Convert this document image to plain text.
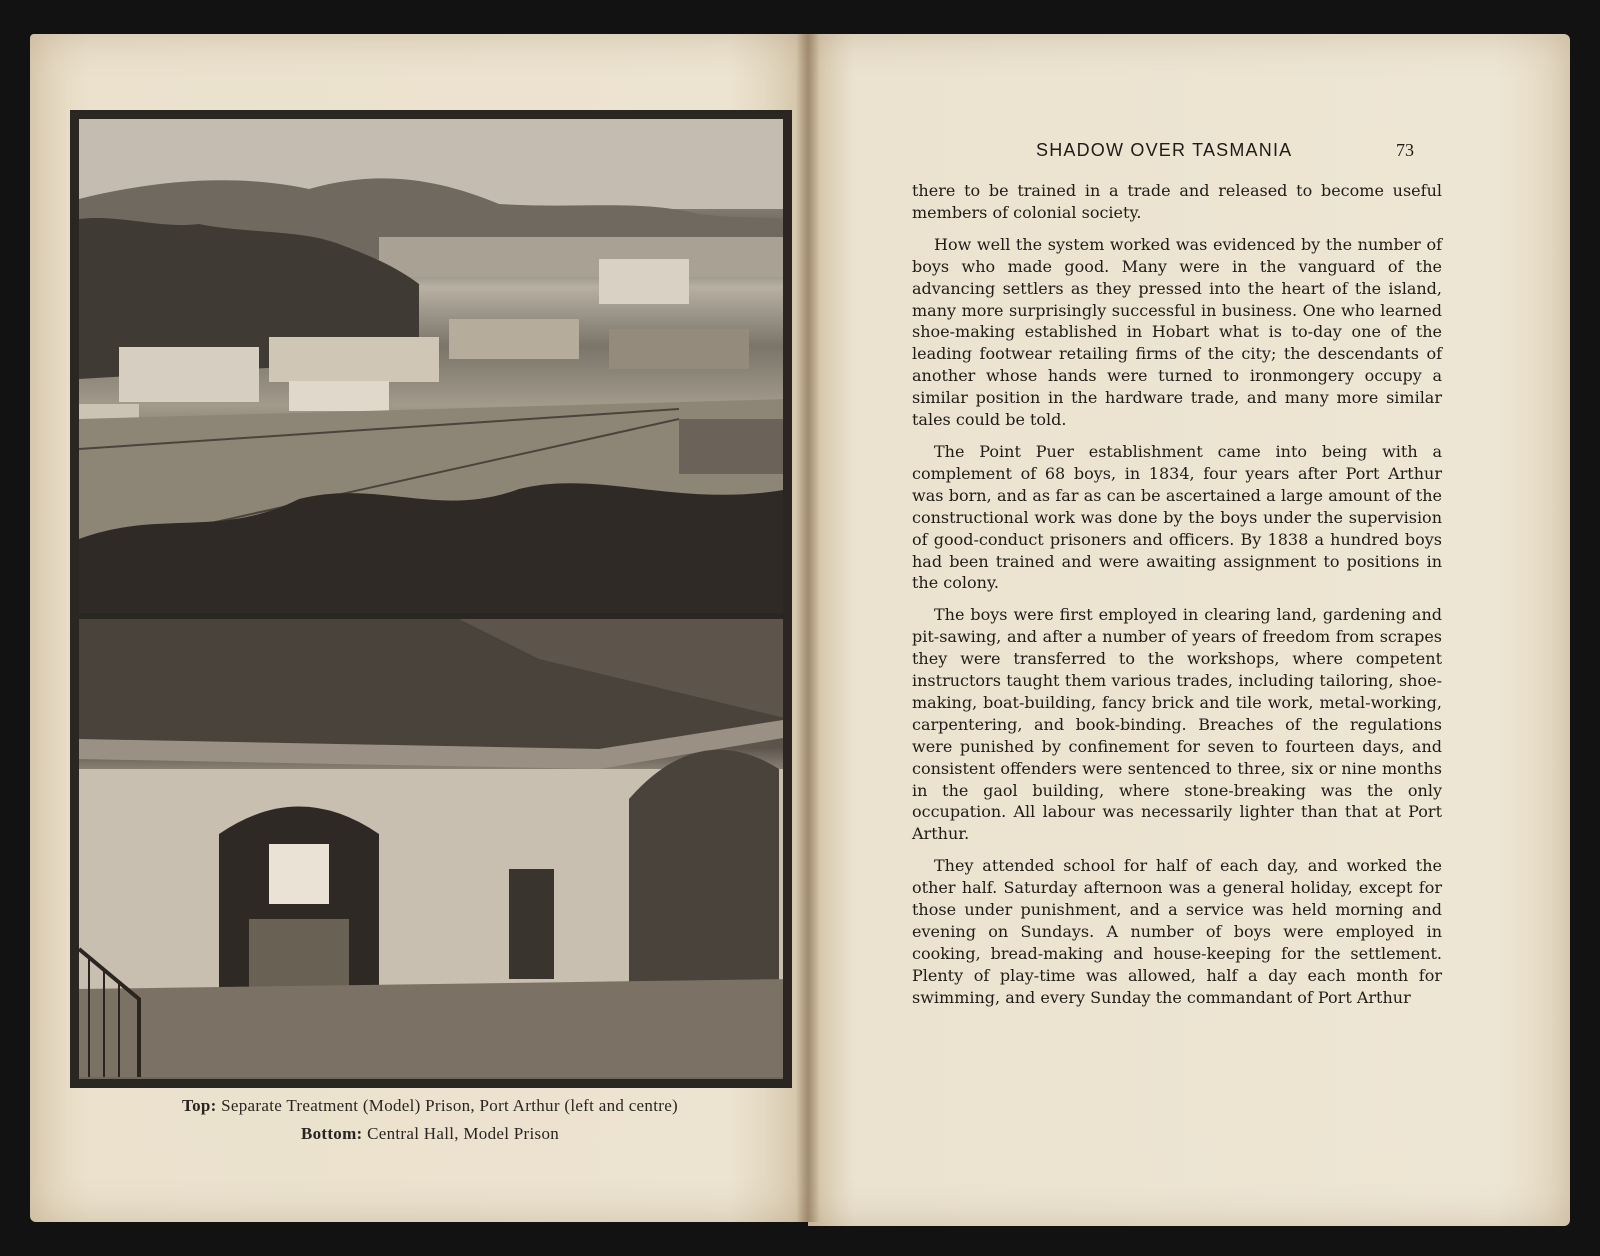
Top: Separate Treatment (Model) Prison, Port Arthur (left and centre)
Bottom: Central Hall, Model Prison
SHADOW OVER TASMANIA	73

there to be trained in a trade and released to become useful members of colonial society.

How well the system worked was evidenced by the number of boys who made good. Many were in the vanguard of the advancing settlers as they pressed into the heart of the island, many more surprisingly successful in business. One who learned shoe-making established in Hobart what is to-day one of the leading footwear retailing firms of the city; the descendants of another whose hands were turned to ironmongery occupy a similar position in the hardware trade, and many more similar tales could be told.

The Point Puer establishment came into being with a complement of 68 boys, in 1834, four years after Port Arthur was born, and as far as can be ascertained a large amount of the constructional work was done by the boys under the supervision of good-conduct prisoners and officers. By 1838 a hundred boys had been trained and were awaiting assignment to positions in the colony.

The boys were first employed in clearing land, gardening and pit-sawing, and after a number of years of freedom from scrapes they were transferred to the workshops, where competent instructors taught them various trades, including tailoring, shoe-making, boat-building, fancy brick and tile work, metal-working, carpentering, and book-binding. Breaches of the regulations were punished by confinement for seven to fourteen days, and consistent offenders were sentenced to three, six or nine months in the gaol building, where stone-breaking was the only occupation. All labour was necessarily lighter than that at Port Arthur.

They attended school for half of each day, and worked the other half. Saturday afternoon was a general holiday, except for those under punishment, and a service was held morning and evening on Sundays. A number of boys were employed in cooking, bread-making and house-keeping for the settlement. Plenty of play-time was allowed, half a day each month for swimming, and every Sunday the commandant of Port Arthur
